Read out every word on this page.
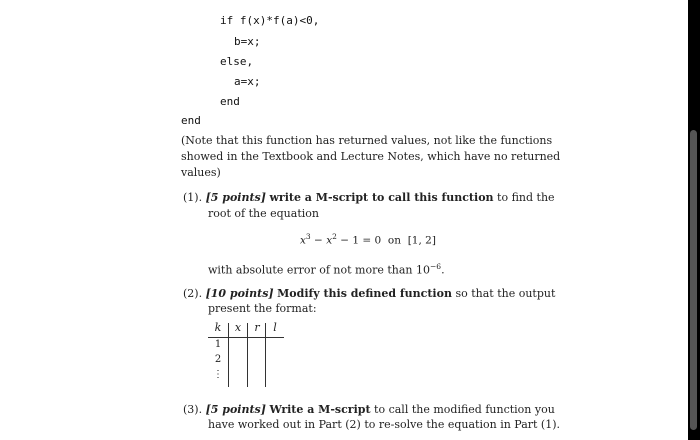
if f(x)*f(a)<0,
b=x;
else,
a=x;
end
end
(Note that this function has returned values, not like the functions
showed in the Textbook and Lecture Notes, which have no returned
values)
(1). [5 points] write a M-script to call this function to find the
root of the equation
$x^3 - x^2 - 1 = 0$ on [1, 2]
with absolute error of not more than $10^{-6}$.
(2). [10 points] Modify this defined function so that the output
present the format:
k	x	r	l
1
2
⋮
(3). [5 points] Write a M-script to call the modified function you
have worked out in Part (2) to re-solve the equation in Part (1).
